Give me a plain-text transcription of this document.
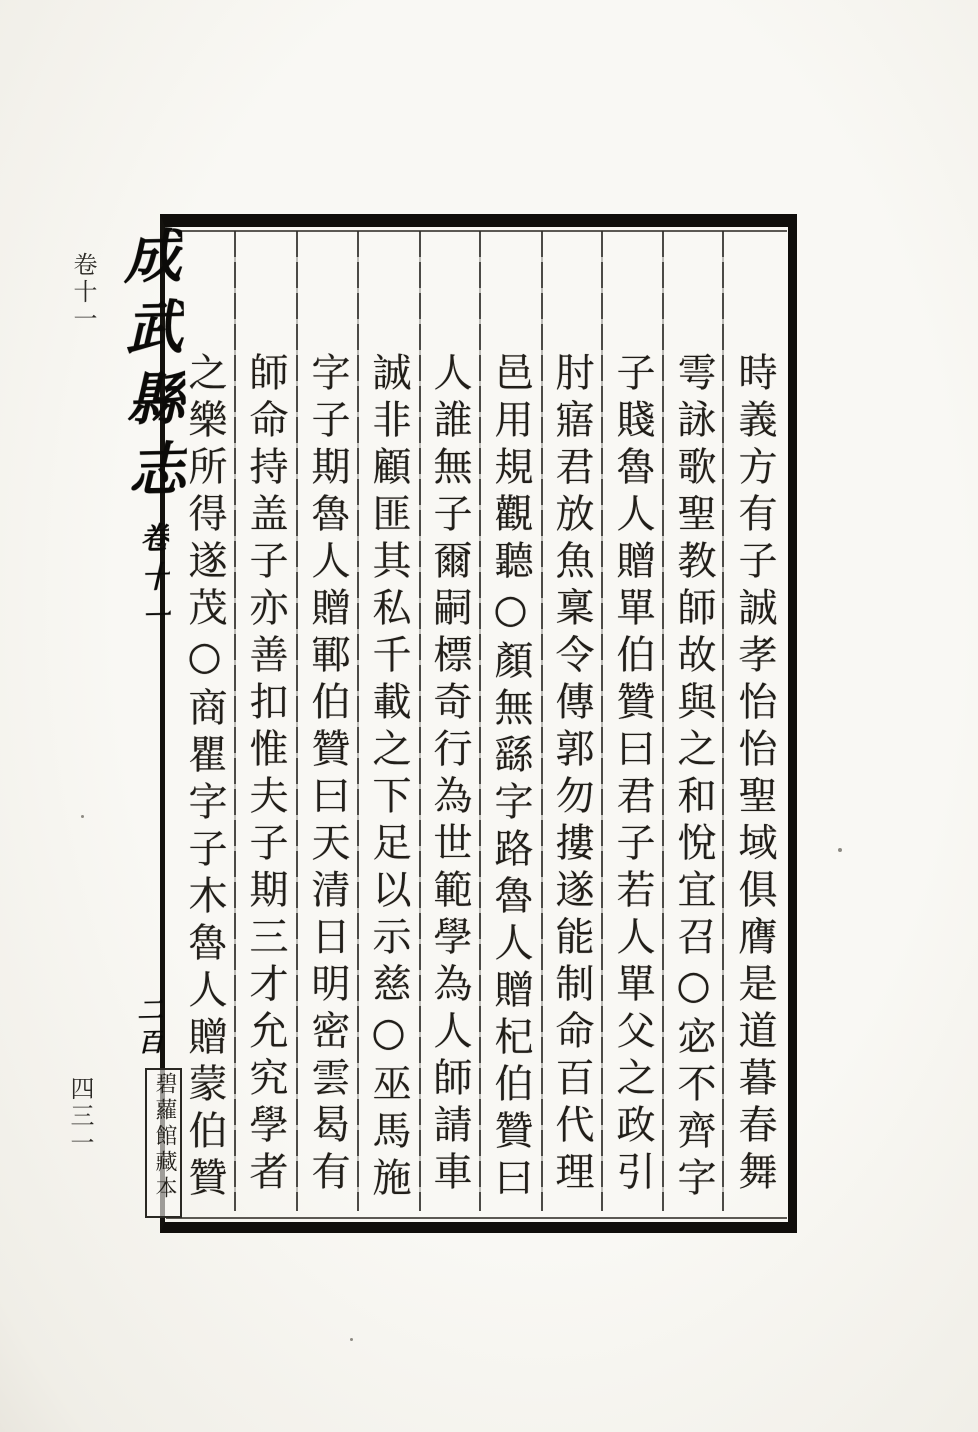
時義方有子誠孝怡怡聖域俱膺是道暮春舞
雩詠歌聖教師故與之和悅宜召○宓不齊字
子賤魯人贈單伯贊曰君子若人單父之政引
肘寤君放魚稟令傳郭勿摟遂能制命百代理
邑用規觀聽○顏無繇字路魯人贈杞伯贊曰
人誰無子爾嗣標奇行為世範學為人師請車
誠非顧匪其私千載之下足以示慈○巫馬施
字子期魯人贈鄆伯贊曰天清日明密雲曷有
師命持盖子亦善扣惟夫子期三才允究學者
之樂所得遂茂○商瞿字子木魯人贈蒙伯贊
卷十一
四三一
成武縣志
卷十一
二百
碧蘿館藏本
